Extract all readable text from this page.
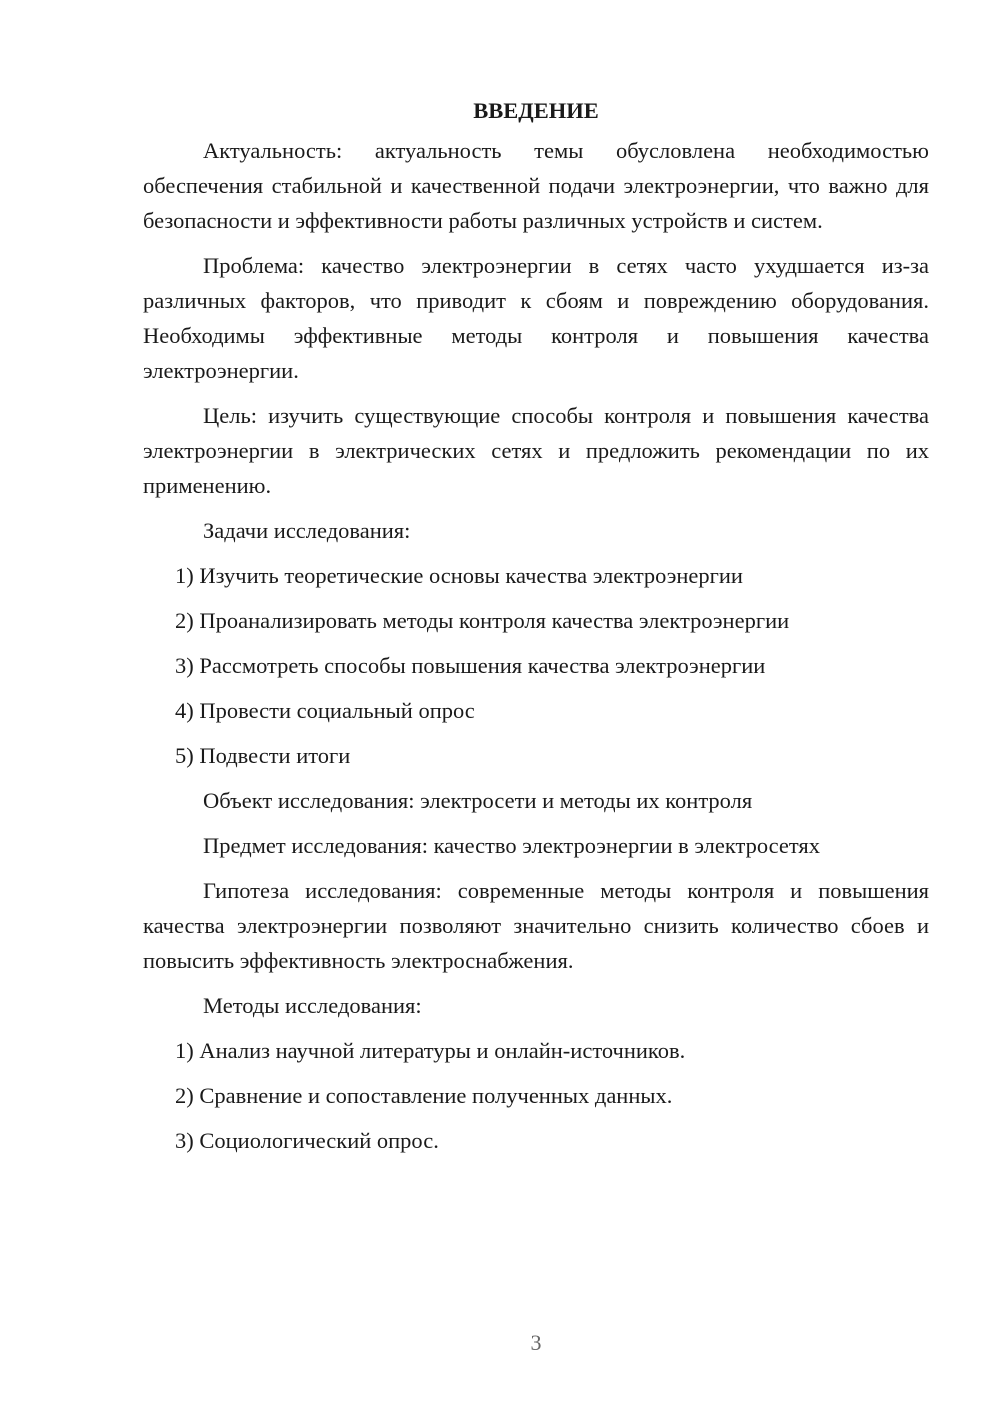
ВВЕДЕНИЕ

Актуальность: актуальность темы обусловлена необходимостью обеспечения стабильной и качественной подачи электроэнергии, что важно для безопасности и эффективности работы различных устройств и систем.

Проблема: качество электроэнергии в сетях часто ухудшается из-за различных факторов, что приводит к сбоям и повреждению оборудования. Необходимы эффективные методы контроля и повышения качества электроэнергии.

Цель: изучить существующие способы контроля и повышения качества электроэнергии в электрических сетях и предложить рекомендации по их применению.

Задачи исследования:
1) Изучить теоретические основы качества электроэнергии
2) Проанализировать методы контроля качества электроэнергии
3) Рассмотреть способы повышения качества электроэнергии
4) Провести социальный опрос
5) Подвести итоги
Объект исследования: электросети и методы их контроля
Предмет исследования: качество электроэнергии в электросетях

Гипотеза исследования: современные методы контроля и повышения качества электроэнергии позволяют значительно снизить количество сбоев и повысить эффективность электроснабжения.

Методы исследования:
1) Анализ научной литературы и онлайн-источников.
2) Сравнение и сопоставление полученных данных.
3) Социологический опрос.
3
